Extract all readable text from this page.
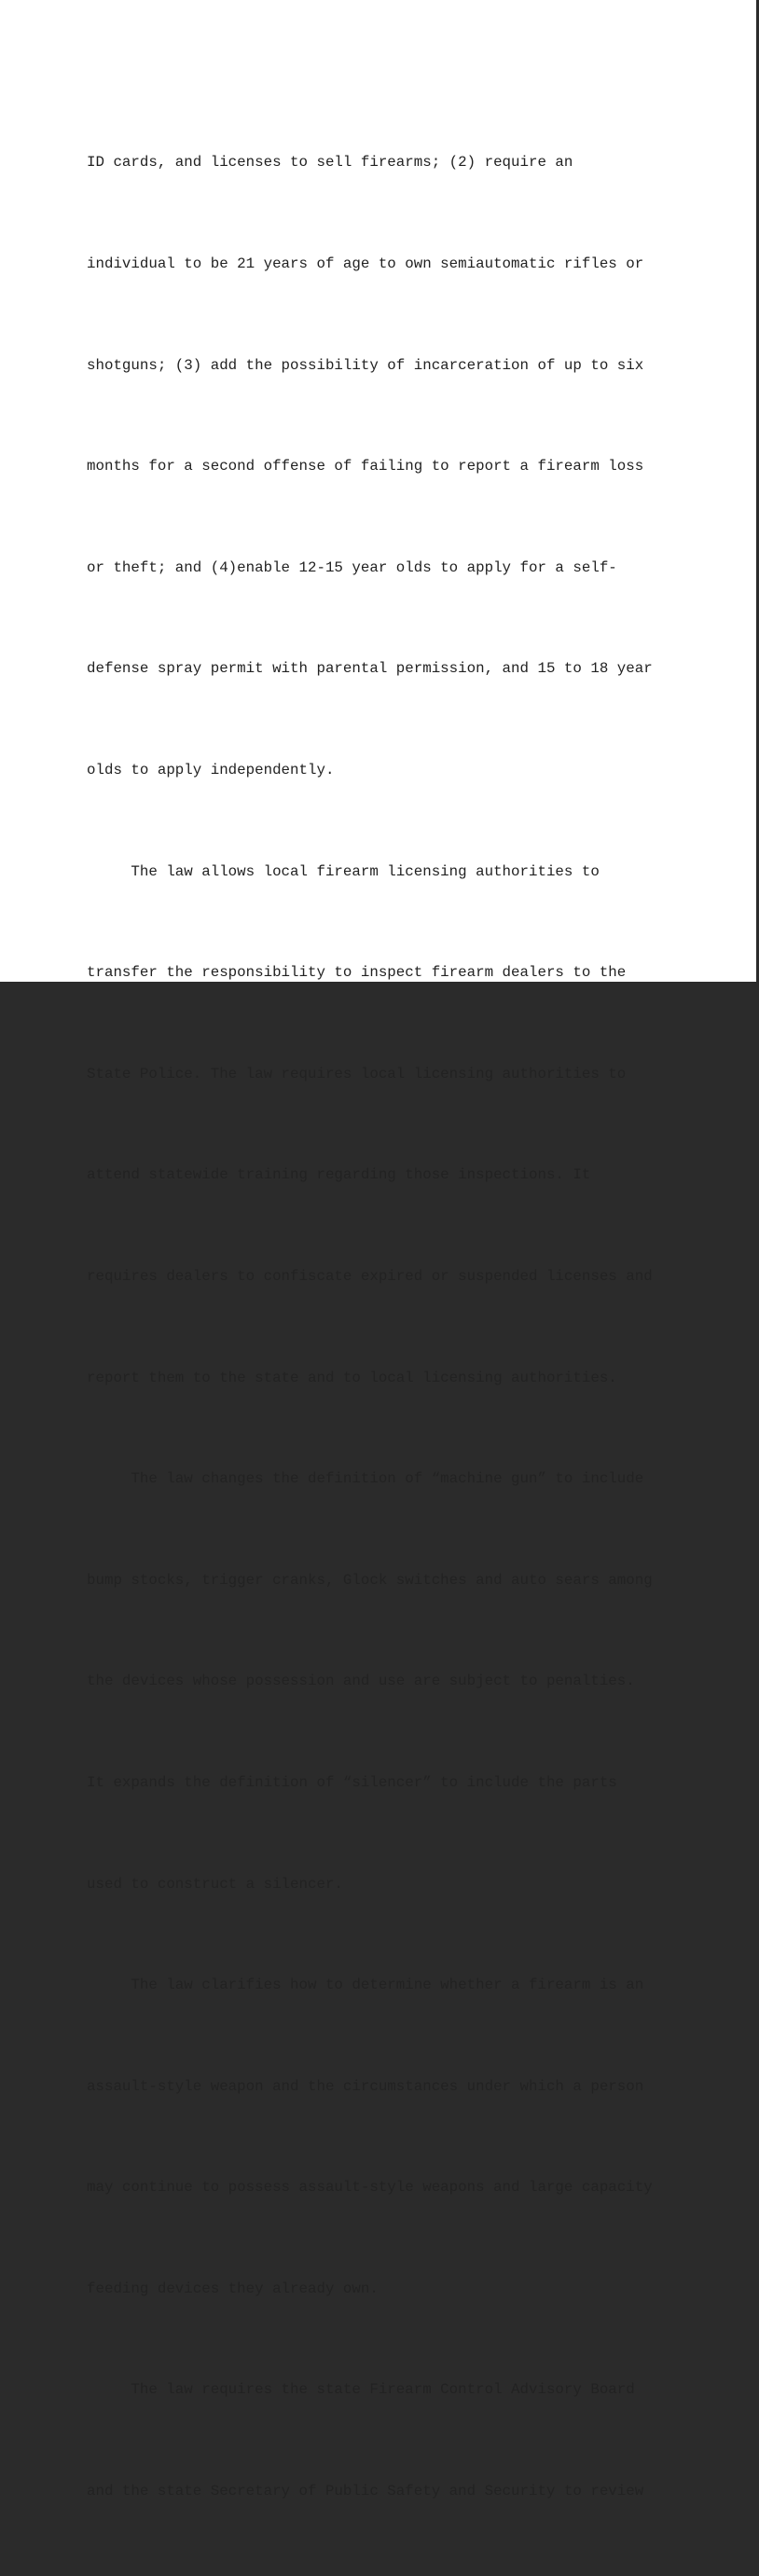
ID cards, and licenses to sell firearms; (2) require an

individual to be 21 years of age to own semiautomatic rifles or

shotguns; (3) add the possibility of incarceration of up to six

months for a second offense of failing to report a firearm loss

or theft; and (4)enable 12-15 year olds to apply for a self-

defense spray permit with parental permission, and 15 to 18 year

olds to apply independently.

The law allows local firearm licensing authorities to

transfer the responsibility to inspect firearm dealers to the

State Police. The law requires local licensing authorities to

attend statewide training regarding those inspections. It

requires dealers to confiscate expired or suspended licenses and

report them to the state and to local licensing authorities.

The law changes the definition of “machine gun” to include

bump stocks, trigger cranks, Glock switches and auto sears among

the devices whose possession and use are subject to penalties.

It expands the definition of “silencer” to include the parts

used to construct a silencer.

The law clarifies how to determine whether a firearm is an

assault-style weapon and the circumstances under which a person

may continue to possess assault-style weapons and large capacity

feeding devices they already own.

The law requires the state Firearm Control Advisory Board

and the state Secretary of Public Safety and Security to review
